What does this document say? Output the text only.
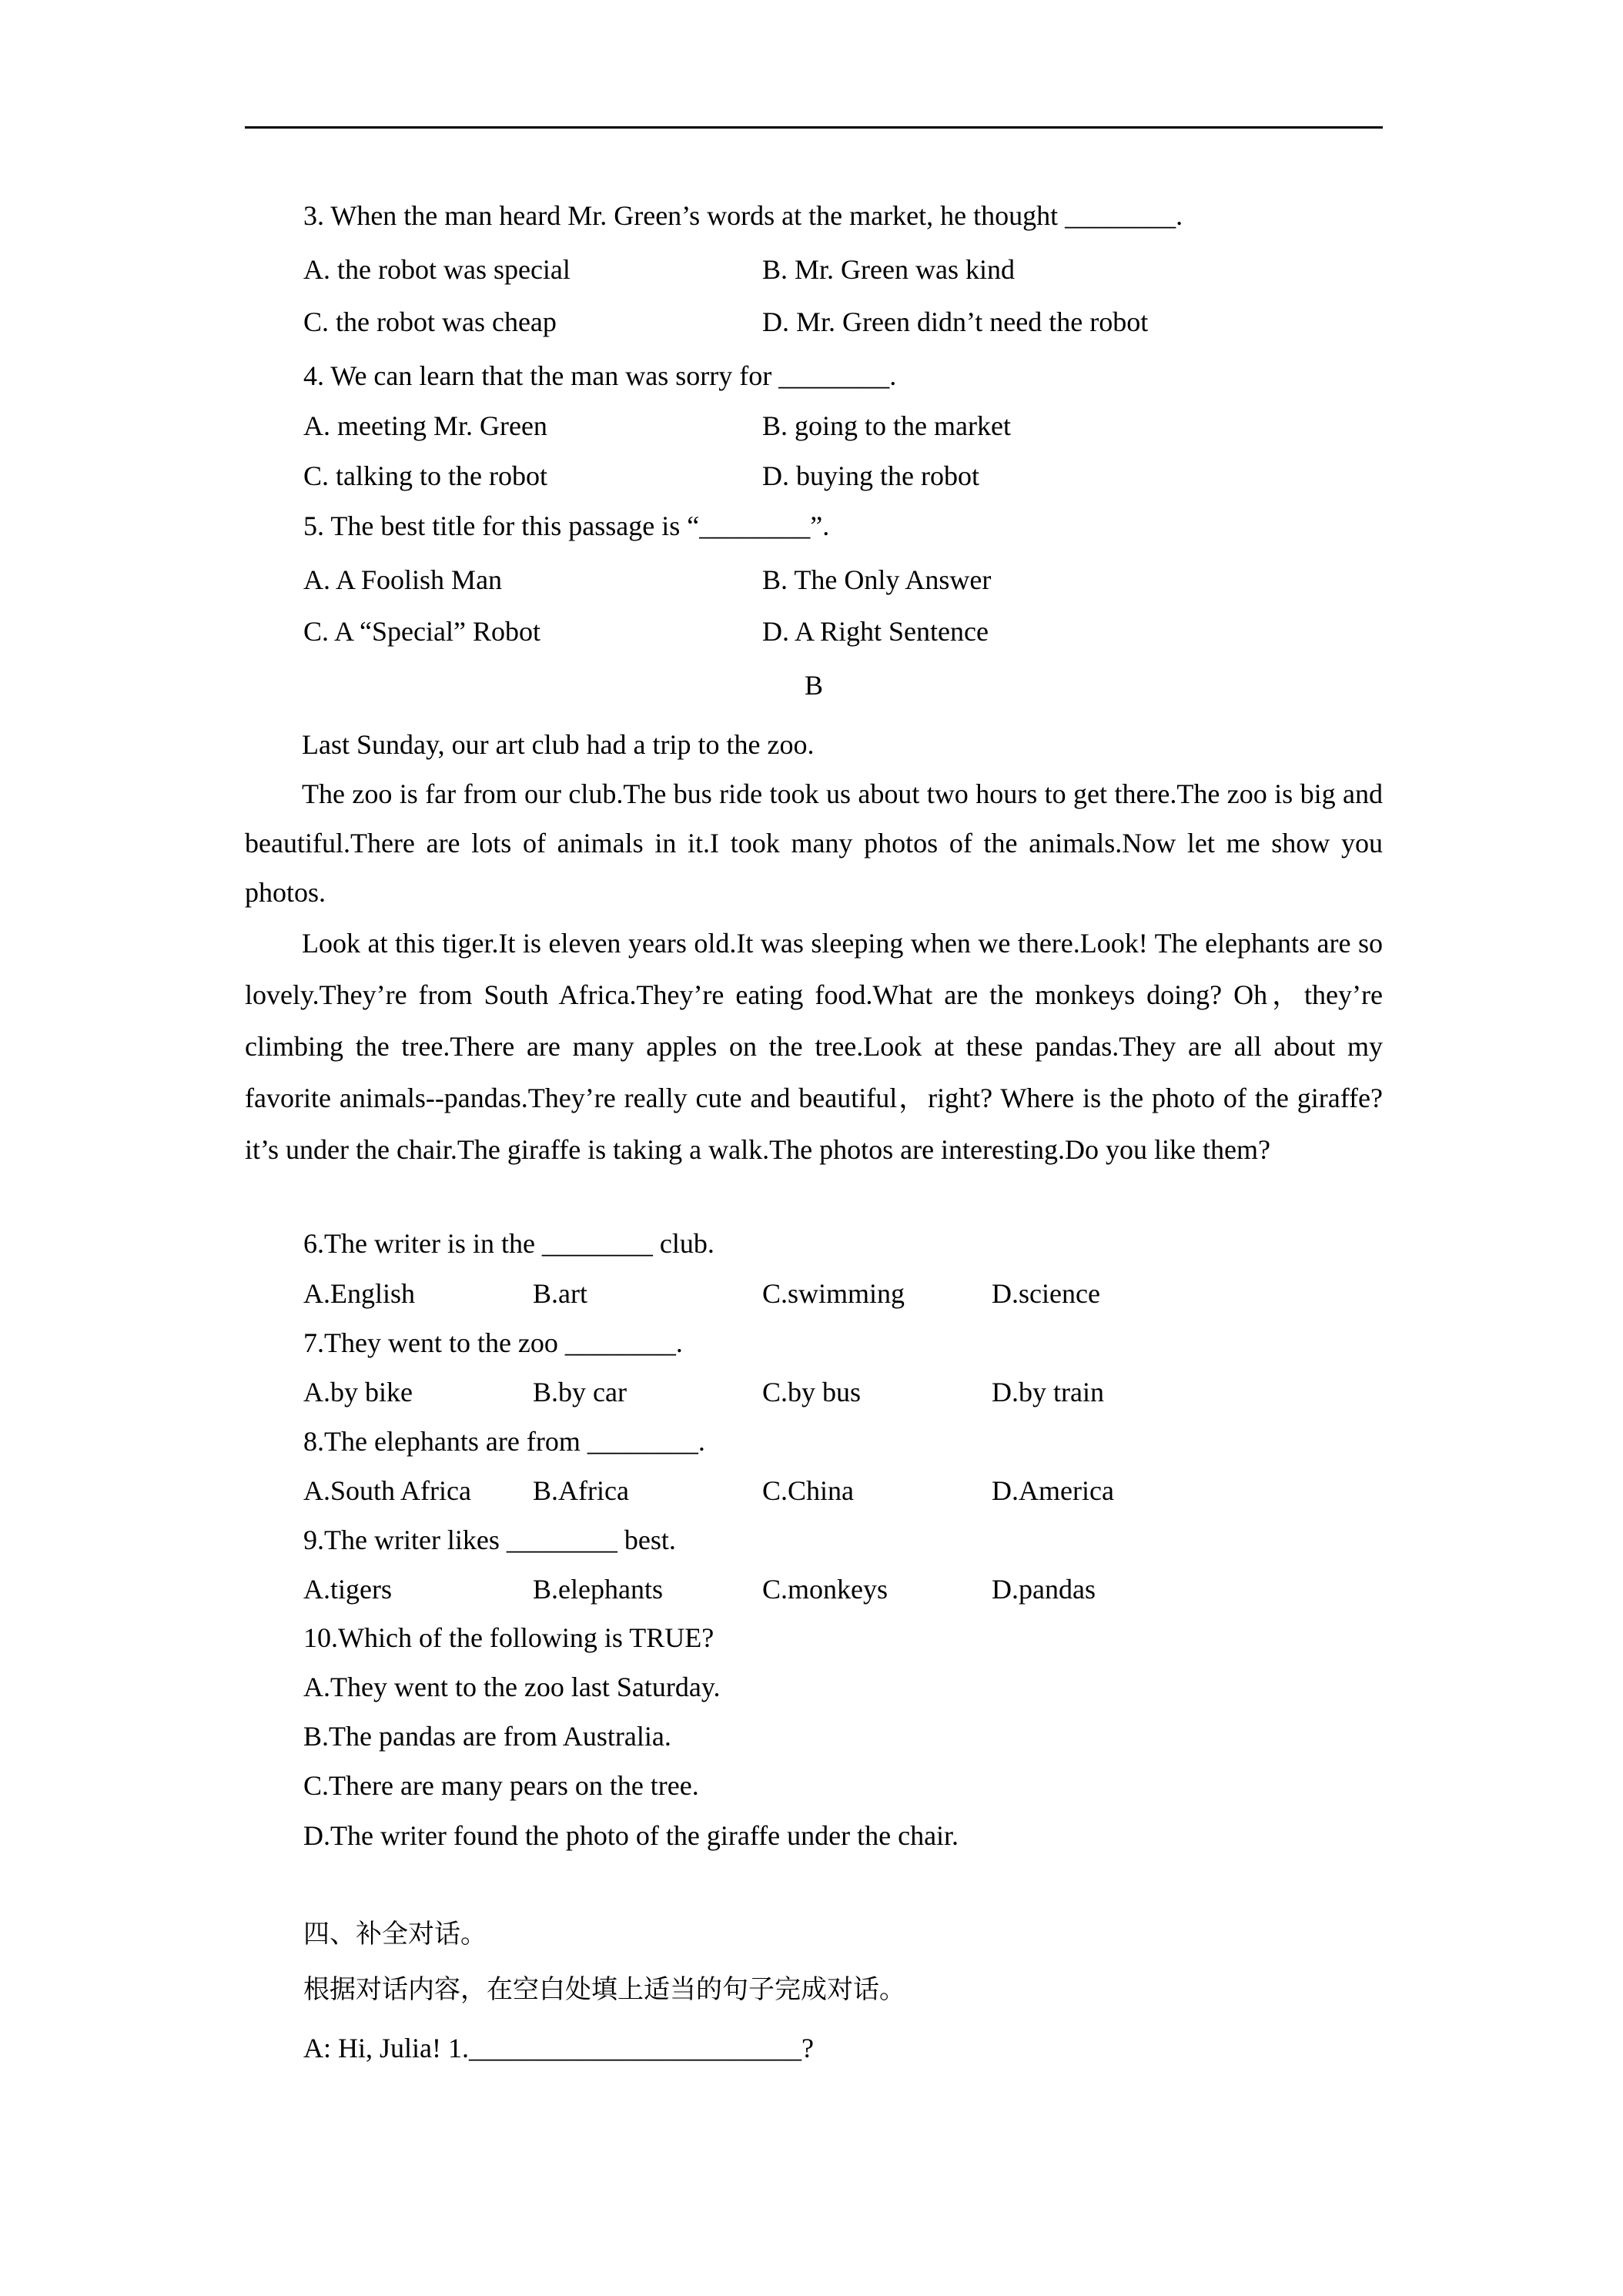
3. When the man heard Mr. Green’s words at the market, he thought ________.
A. the robot was special	B. Mr. Green was kind
C. the robot was cheap	D. Mr. Green didn’t need the robot
4. We can learn that the man was sorry for ________.
A. meeting Mr. Green	B. going to the market
C. talking to the robot	D. buying the robot
5. The best title for this passage is “________”.
A. A Foolish Man	B. The Only Answer
C. A “Special” Robot	D. A Right Sentence
B
Last Sunday, our art club had a trip to the zoo.
The zoo is far from our club.The bus ride took us about two hours to get there.The zoo is big and beautiful.There are lots of animals in it.I took many photos of the animals.Now let me show you photos.
Look at this tiger.It is eleven years old.It was sleeping when we there.Look! The elephants are so lovely.They’re from South Africa.They’re eating food.What are the monkeys doing? Oh，they’re climbing the tree.There are many apples on the tree.Look at these pandas.They are all about my favorite animals--pandas.They’re really cute and beautiful，right? Where is the photo of the giraffe? it’s under the chair.The giraffe is taking a walk.The photos are interesting.Do you like them?
6.The writer is in the ________ club.
A.English	B.art	C.swimming	D.science
7.They went to the zoo ________.
A.by bike	B.by car	C.by bus	D.by train
8.The elephants are from ________.
A.South Africa B.Africa	C.China	D.America
9.The writer likes ________ best.
A.tigers	B.elephants	C.monkeys	D.pandas
10.Which of the following is TRUE?
A.They went to the zoo last Saturday.
B.The pandas are from Australia.
C.There are many pears on the tree.
D.The writer found the photo of the giraffe under the chair.
四、补全对话。
根据对话内容，在空白处填上适当的句子完成对话。
A: Hi, Julia! 1.________________________?
